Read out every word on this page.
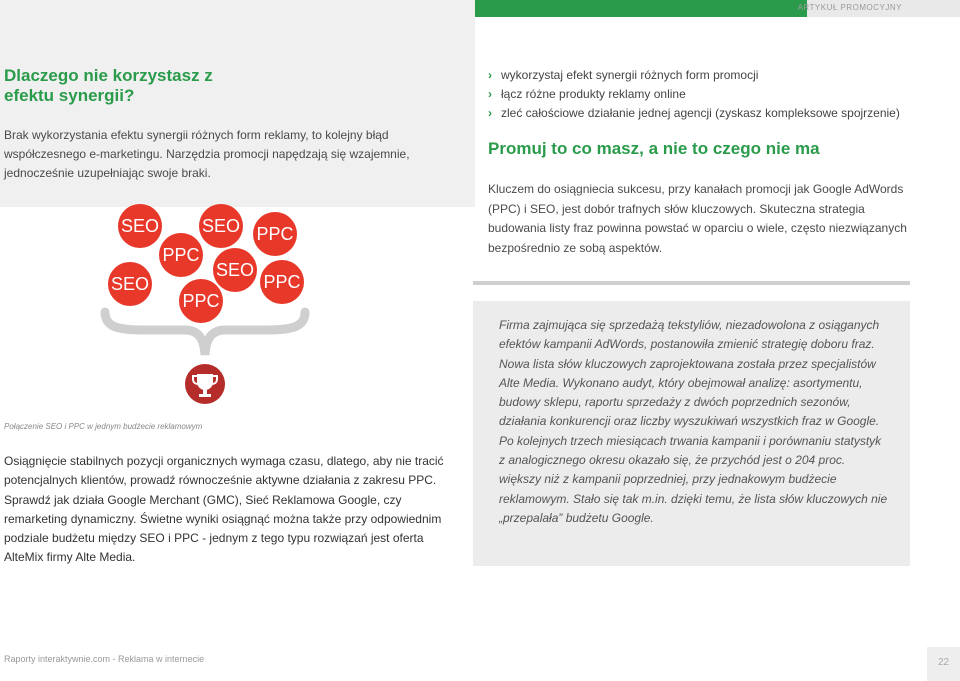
ARTYKUŁ PROMOCYJNY
Dlaczego nie korzystasz z efektu synergii?
Brak wykorzystania efektu synergii różnych form reklamy, to kolejny błąd współczesnego e-marketingu. Narzędzia promocji napędzają się wzajemnie, jednocześnie uzupełniając swoje braki.
› wykorzystaj efekt synergii różnych form promocji
› łącz różne produkty reklamy online
› zleć całościowe działanie jednej agencji (zyskasz kompleksowe spojrzenie)
Promuj to co masz, a nie to czego nie ma
Kluczem do osiągniecia sukcesu, przy kanałach promocji jak Google AdWords (PPC) i SEO, jest dobór trafnych słów kluczowych. Skuteczna strategia budowania listy fraz powinna powstać w oparciu o wiele, często niezwiązanych bezpośrednio ze sobą aspektów.
SEO
PPC
SEO PPC
SEO
SEO
PPC
PPC
Połączenie SEO i PPC w jednym budżecie reklamowym
Osiągnięcie stabilnych pozycji organicznych wymaga czasu, dlatego, aby nie tracić potencjalnych klientów, prowadź równocześnie aktywne działania z zakresu PPC. Sprawdź jak działa Google Merchant (GMC), Sieć Reklamowa Google, czy remarketing dynamiczny. Świetne wyniki osiągnąć można także przy odpowiednim podziale budżetu między SEO i PPC - jednym z tego typu rozwiązań jest oferta AlteMix firmy Alte Media.
Firma zajmująca się sprzedażą tekstyliów, niezadowolona z osiąganych efektów kampanii AdWords, postanowiła zmienić strategię doboru fraz. Nowa lista słów kluczowych zaprojektowana została przez specjalistów Alte Media. Wykonano audyt, który obejmował analizę: asortymentu, budowy sklepu, raportu sprzedaży z dwóch poprzednich sezonów, działania konkurencji oraz liczby wyszukiwań wszystkich fraz w Google. Po kolejnych trzech miesiącach trwania kampanii i porównaniu statystyk z analogicznego okresu okazało się, że przychód jest o 204 proc. większy niż z kampanii poprzedniej, przy jednakowym budżecie reklamowym. Stało się tak m.in. dzięki temu, że lista słów kluczowych nie „przepalała” budżetu Google.
Raporty interaktywnie.com - Reklama w internecie	22
